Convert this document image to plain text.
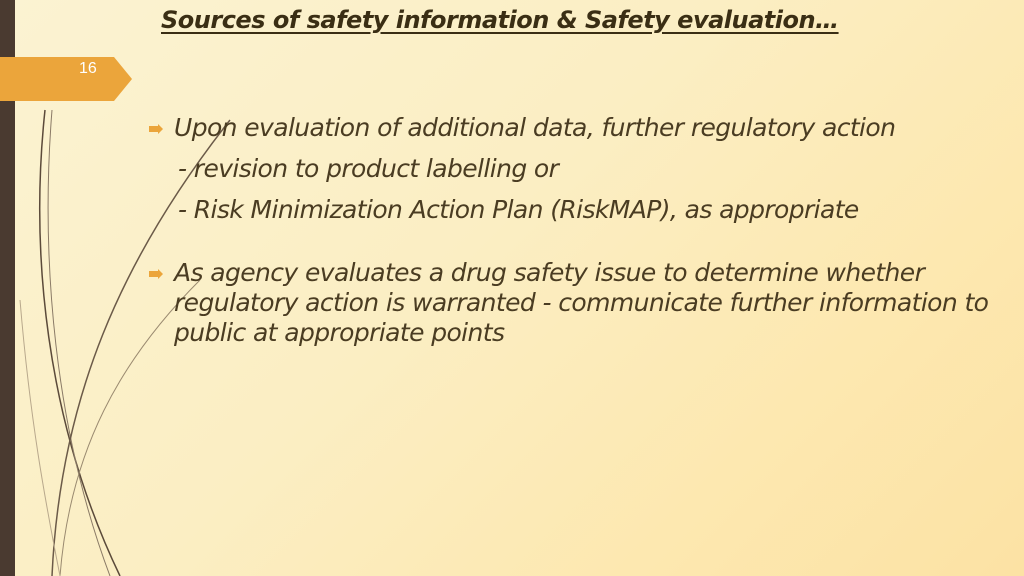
16
Sources of safety information & Safety evaluation…
Upon evaluation of additional data, further regulatory action
- revision to product labelling or
- Risk Minimization Action Plan (RiskMAP), as appropriate
As agency evaluates a drug safety issue to determine whether regulatory action is warranted - communicate further information to public at appropriate points
